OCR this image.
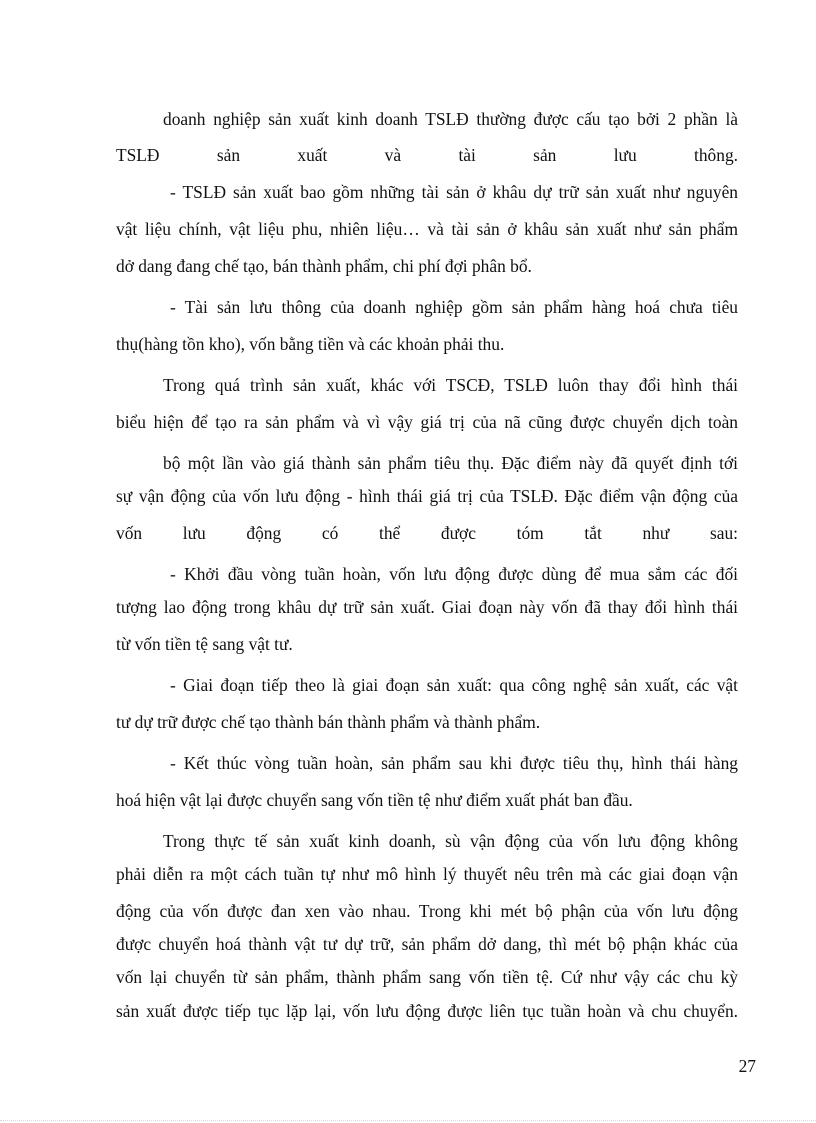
doanh nghiệp sản xuất kinh doanh TSLĐ thường được cấu tạo bởi 2 phần là
TSLĐ sản xuất và tài sản lưu thông.
- TSLĐ sản xuất bao gồm những tài sản ở khâu dự trữ sản xuất như nguyên
vật liệu chính, vật liệu phu, nhiên liệu… và tài sản ở khâu sản xuất như sản phẩm
dở dang đang chế tạo, bán thành phẩm, chi phí đợi phân bổ.
- Tài sản lưu thông của doanh nghiệp gồm sản phẩm hàng hoá chưa tiêu
thụ(hàng tồn kho), vốn bằng tiền và các khoản phải thu.
Trong quá trình sản xuất, khác với TSCĐ, TSLĐ luôn thay đổi hình thái
biểu hiện để tạo ra sản phẩm và vì vậy giá trị của nã cũng được chuyển dịch toàn
bộ một lần vào giá thành sản phẩm tiêu thụ. Đặc điểm này đã quyết định tới
sự vận động của vốn lưu động - hình thái giá trị của TSLĐ. Đặc điểm vận động của
vốn lưu động có thể được tóm tắt như sau:
- Khởi đầu vòng tuần hoàn, vốn lưu động được dùng để mua sắm các đối
tượng lao động trong khâu dự trữ sản xuất. Giai đoạn này vốn đã thay đổi hình thái
từ vốn tiền tệ sang vật tư.
- Giai đoạn tiếp theo là giai đoạn sản xuất: qua công nghệ sản xuất, các vật
tư dự trữ được chế tạo thành bán thành phẩm và thành phẩm.
- Kết thúc vòng tuần hoàn, sản phẩm sau khi được tiêu thụ, hình thái hàng
hoá hiện vật lại được chuyển sang vốn tiền tệ như điểm xuất phát ban đầu.
Trong thực tế sản xuất kinh doanh, sù vận động của vốn lưu động không
phải diễn ra một cách tuần tự như mô hình lý thuyết nêu trên mà các giai đoạn vận
động của vốn được đan xen vào nhau. Trong khi mét bộ phận của vốn lưu động
được chuyển hoá thành vật tư dự trữ, sản phẩm dở dang, thì mét bộ phận khác của
vốn lại chuyển từ sản phẩm, thành phẩm sang vốn tiền tệ. Cứ như vậy các chu kỳ
sản xuất được tiếp tục lặp lại, vốn lưu động được liên tục tuần hoàn và chu chuyển.
27
